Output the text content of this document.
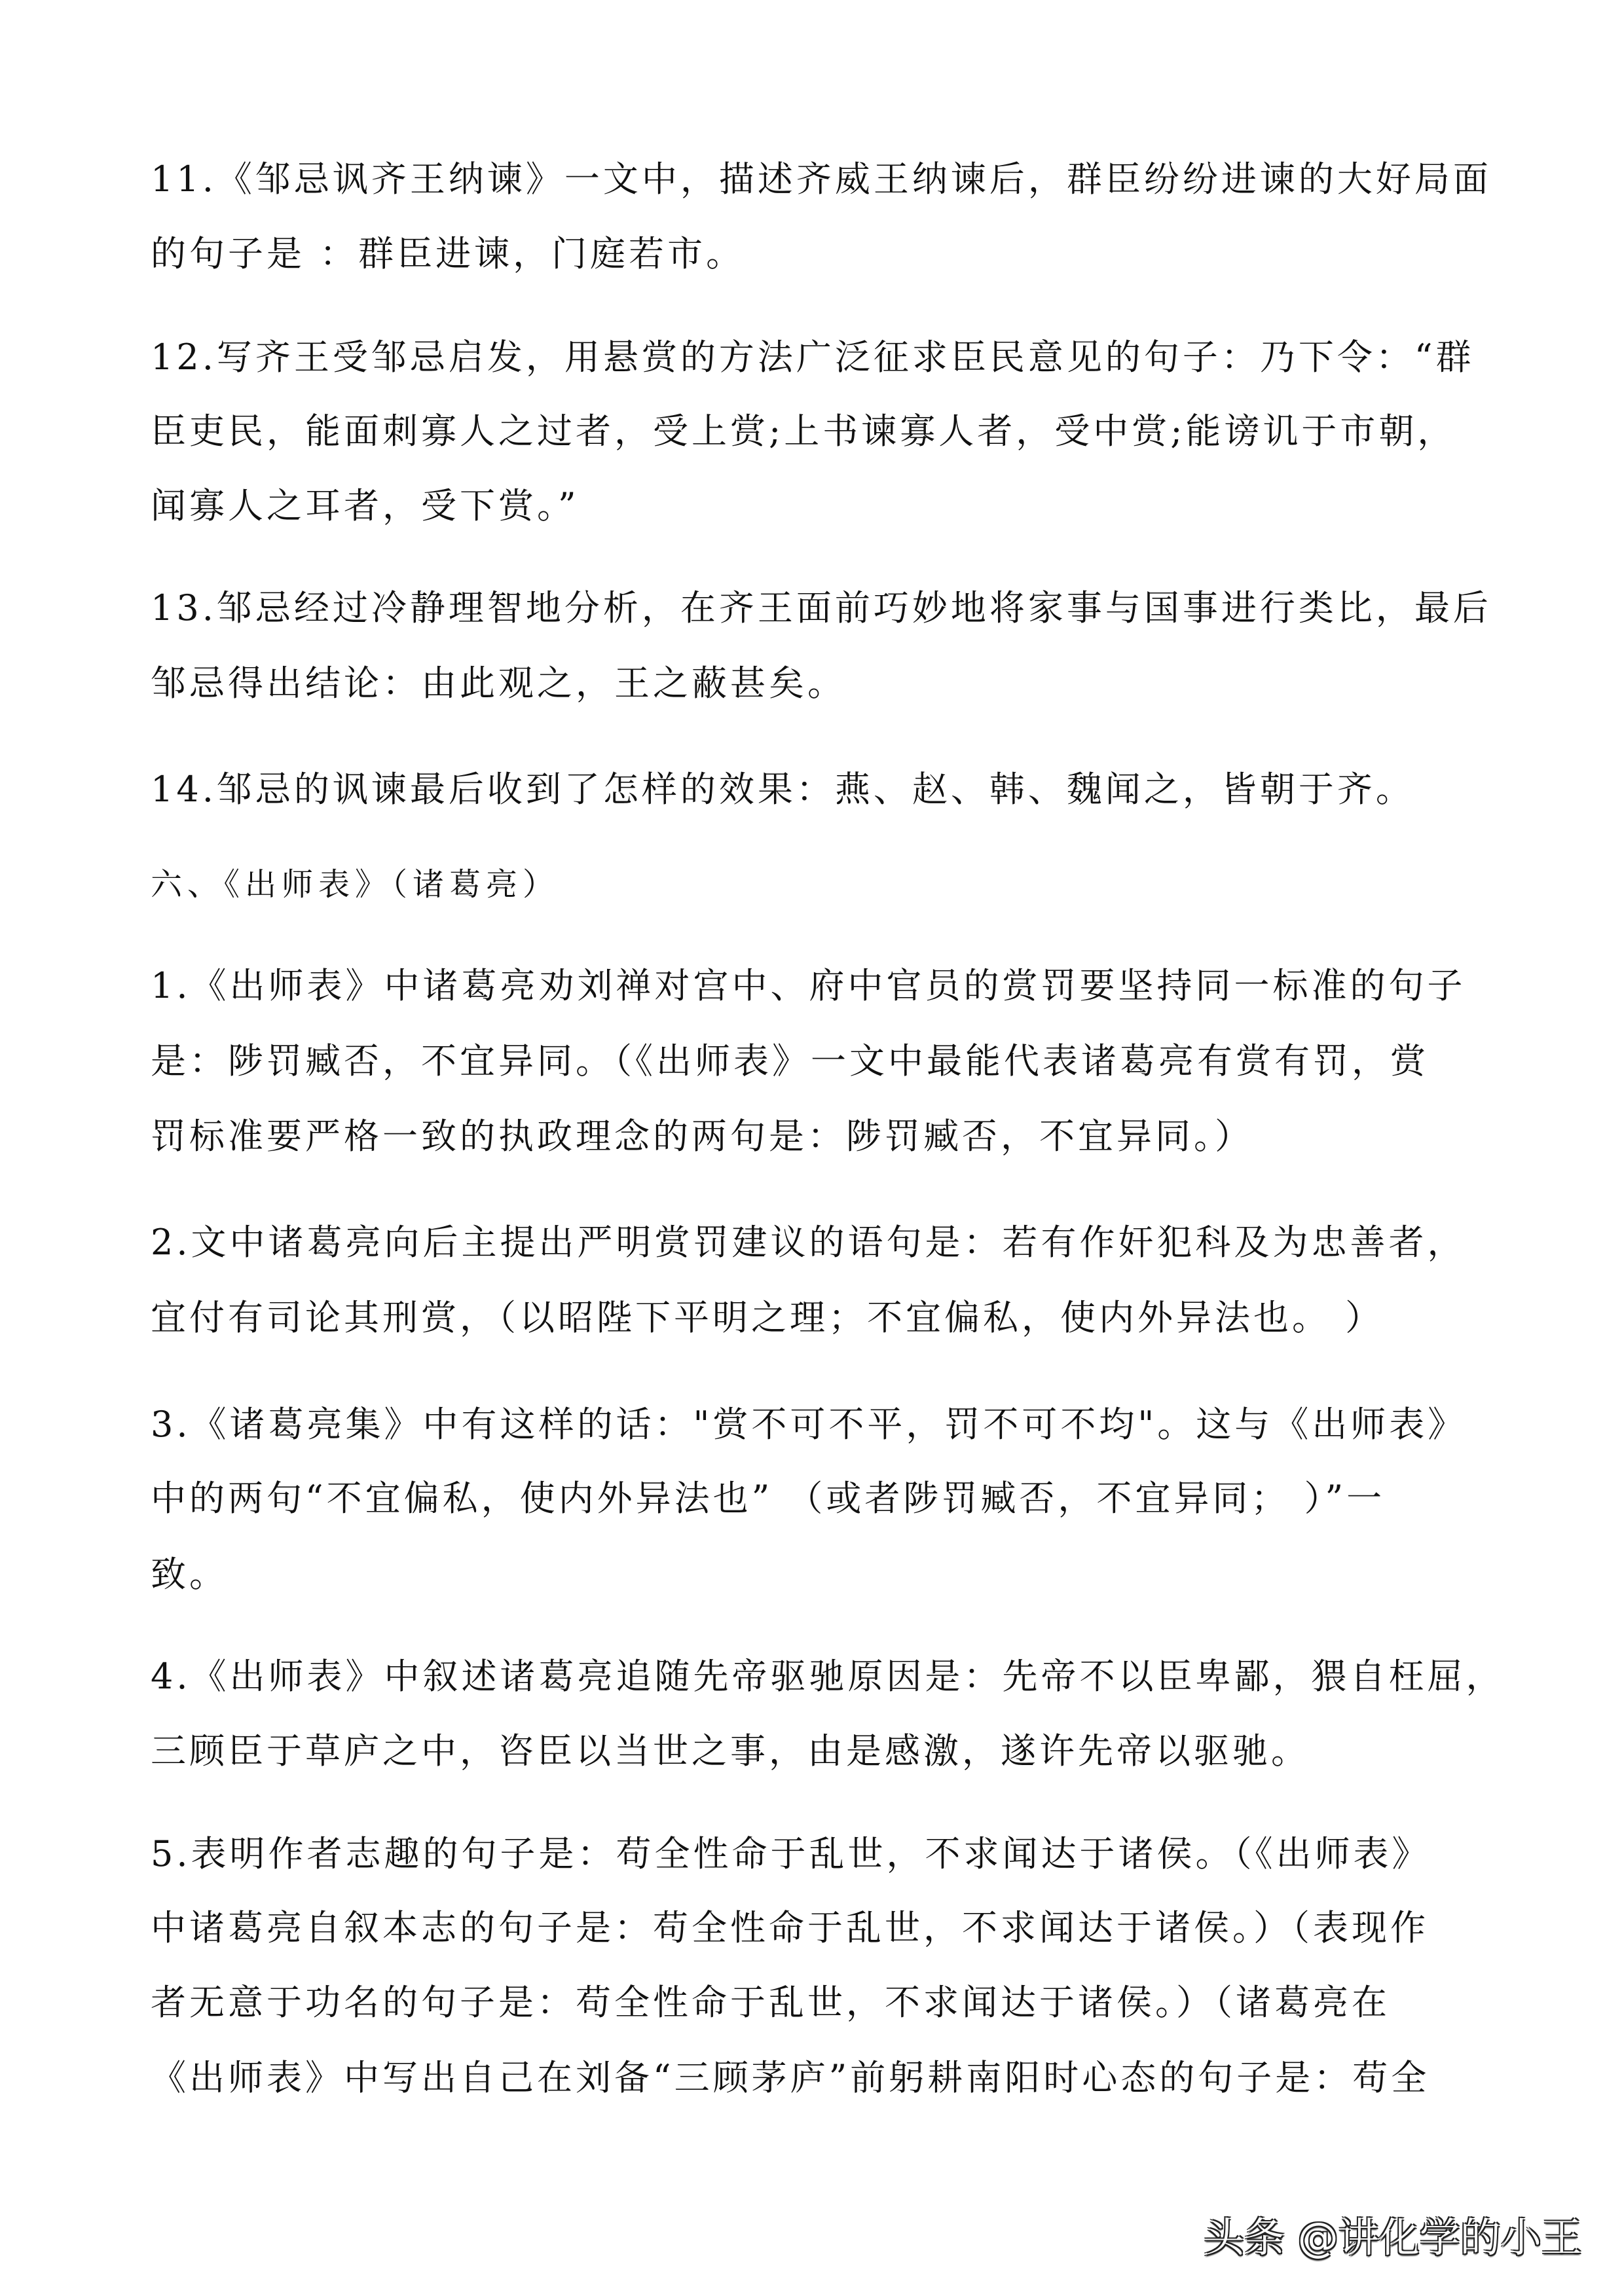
11.《邹忌讽齐王纳谏》一文中，描述齐威王纳谏后，群臣纷纷进谏的大好局面
的句子是 ：群臣进谏，门庭若市。
12.写齐王受邹忌启发，用悬赏的方法广泛征求臣民意见的句子：乃下令：“群
臣吏民，能面刺寡人之过者，受上赏;上书谏寡人者，受中赏;能谤讥于市朝，
闻寡人之耳者，受下赏。”
13.邹忌经过冷静理智地分析，在齐王面前巧妙地将家事与国事进行类比，最后
邹忌得出结论：由此观之，王之蔽甚矣。
14.邹忌的讽谏最后收到了怎样的效果：燕、赵、韩、魏闻之，皆朝于齐。
六、《出师表》（诸葛亮）
1.《出师表》中诸葛亮劝刘禅对宫中、府中官员的赏罚要坚持同一标准的句子
是：陟罚臧否，不宜异同。（《出师表》一文中最能代表诸葛亮有赏有罚，赏
罚标准要严格一致的执政理念的两句是：陟罚臧否，不宜异同。）
2.文中诸葛亮向后主提出严明赏罚建议的语句是：若有作奸犯科及为忠善者，
宜付有司论其刑赏，（以昭陛下平明之理；不宜偏私，使内外异法也。 ）
3.《诸葛亮集》中有这样的话："赏不可不平，罚不可不均"。这与《出师表》
中的两句“不宜偏私，使内外异法也” （或者陟罚臧否，不宜异同； ）”一
致。
4.《出师表》中叙述诸葛亮追随先帝驱驰原因是：先帝不以臣卑鄙，猥自枉屈，
三顾臣于草庐之中，咨臣以当世之事，由是感激，遂许先帝以驱驰。
5.表明作者志趣的句子是：苟全性命于乱世，不求闻达于诸侯。（《出师表》
中诸葛亮自叙本志的句子是：苟全性命于乱世，不求闻达于诸侯。）（表现作
者无意于功名的句子是：苟全性命于乱世，不求闻达于诸侯。）（诸葛亮在
《出师表》中写出自己在刘备“三顾茅庐”前躬耕南阳时心态的句子是：苟全
头条 @讲化学的小王
